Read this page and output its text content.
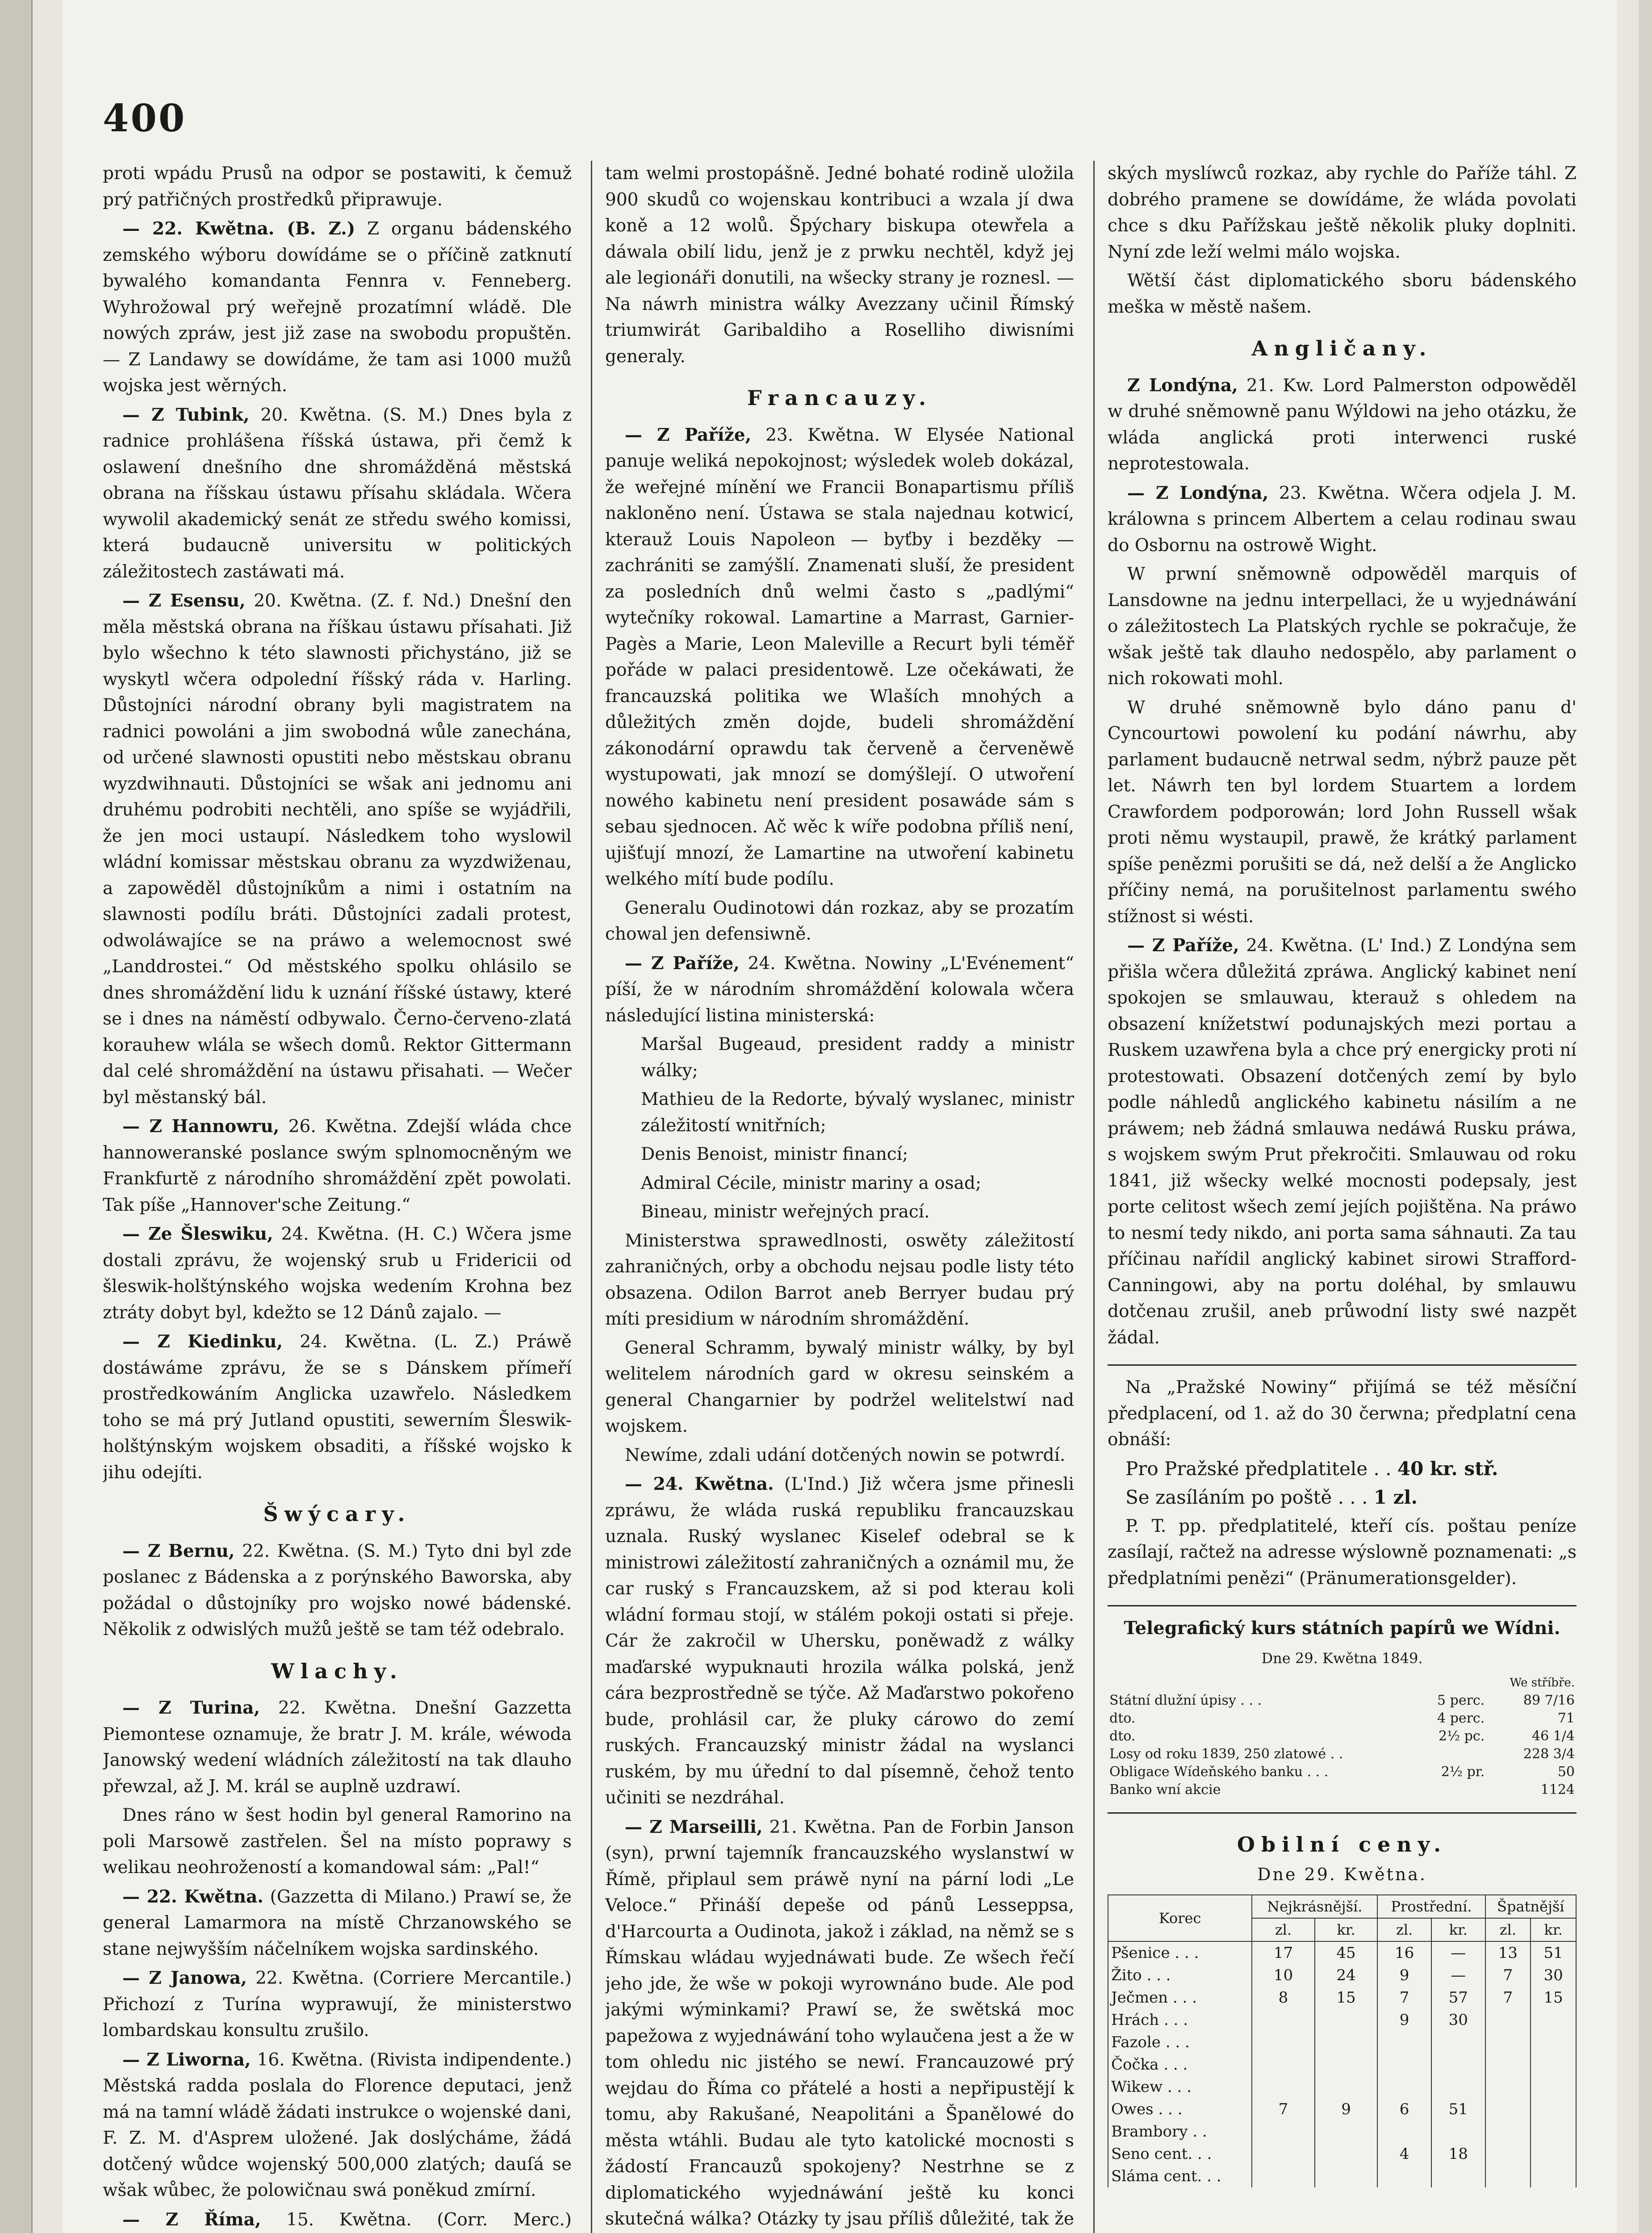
400

proti wpádu Prusů na odpor se postawiti, k čemuž prý patřičných prostředků připrawuje.

— 22. Kwětna. (B. Z.) Z organu bádenského zemského wýboru dowídáme se o příčině zatknutí bywalého komandanta Fennra v. Fenneberg. Wyhrožowal prý weřejně prozatímní wládě. Dle nowých zpráw, jest již zase na swobodu propuštěn. — Z Landawy se dowídáme, že tam asi 1000 mužů wojska jest wěrných.

— Z Tubink, 20. Kwětna. (S. M.) Dnes byla z radnice prohlášena říšská ústawa, při čemž k oslawení dnešního dne shromážděná městská obrana na říšskau ústawu přísahu skládala. Wčera wywolil akademický senát ze středu swého komissi, která budaucně universitu w politických záležitostech zastáwati má.

— Z Esensu, 20. Kwětna. (Z. f. Nd.) Dnešní den měla městská obrana na říškau ústawu přísahati. Již bylo wšechno k této slawnosti přichystáno, již se wyskytl wčera odpolední říšský ráda v. Harling. Důstojníci národní obrany byli magistratem na radnici powoláni a jim swobodná wůle zanechána, od určené slawnosti opustiti nebo městskau obranu wyzdwihnauti. Důstojníci se wšak ani jednomu ani druhému podrobiti nechtěli, ano spíše se wyjádřili, že jen moci ustaupí. Následkem toho wyslowil wládní komissar městskau obranu za wyzdwiženau, a zapowěděl důstojníkům a nimi i ostatním na slawnosti podílu bráti. Důstojníci zadali protest, odwoláwajíce se na práwo a welemocnost swé „Landdrostei.“ Od městského spolku ohlásilo se dnes shromáždění lidu k uznání říšské ústawy, které se i dnes na náměstí odbywalo. Černo-červeno-zlatá korauhew wlála se wšech domů. Rektor Gittermann dal celé shromáždění na ústawu přisahati. — Wečer byl městanský bál.

— Z Hannowru, 26. Kwětna. Zdejší wláda chce hannoweranské poslance swým splnomocněným we Frankfurtě z národního shromáždění zpět powolati. Tak píše „Hannover'sche Zeitung.“

— Ze Šleswiku, 24. Kwětna. (H. C.) Wčera jsme dostali zprávu, že wojenský srub u Fridericii od šleswik-holštýnského wojska wedením Krohna bez ztráty dobyt byl, kdežto se 12 Dánů zajalo. —

— Z Kiedinku, 24. Kwětna. (L. Z.) Práwě dostáwáme zprávu, že se s Dánskem přímeří prostředkowáním Anglicka uzawřelo. Následkem toho se má prý Jutland opustiti, sewerním Šleswik-holštýnským wojskem obsaditi, a říšské wojsko k jihu odejíti.

Šwýcary.

— Z Bernu, 22. Kwětna. (S. M.) Tyto dni byl zde poslanec z Bádenska a z porýnského Baworska, aby požádal o důstojníky pro wojsko nowé bádenské. Několik z odwislých mužů ještě se tam též odebralo.

Wlachy.

— Z Turina, 22. Kwětna. Dnešní Gazzetta Piemontese oznamuje, že bratr J. M. krále, wéwoda Janowský wedení wládních záležitostí na tak dlauho přewzal, až J. M. král se auplně uzdrawí.

Dnes ráno w šest hodin byl general Ramorino na poli Marsowě zastřelen. Šel na místo poprawy s welikau neohrožeností a komandowal sám: „Pal!“

— 22. Kwětna. (Gazzetta di Milano.) Prawí se, že general Lamarmora na místě Chrzanowského se stane nejwyšším náčelníkem wojska sardinského.

— Z Janowa, 22. Kwětna. (Corriere Mercantile.) Přichozí z Turína wyprawují, že ministerstwo lombardskau konsultu zrušilo.

— Z Liworna, 16. Kwětna. (Rivista indipendente.) Městská radda poslala do Florence deputaci, jenž má na tamní wládě žádati instrukce o wojenské dani, F. Z. M. d'Aspreм uložené. Jak doslýcháme, žádá dotčený wůdce wojenský 500,000 zlatých; dauſá se wšak wůbec, že polowičnau swá poněkud zmírní.

— Z Říma, 15. Kwětna. (Corr. Merc.)

tam welmi prostopášně. Jedné bohaté rodině uložila 900 skudů co wojenskau kontribuci a wzala jí dwa koně a 12 wolů. Špýchary biskupa otewřela a dáwala obilí lidu, jenž je z prwku nechtěl, když jej ale legionáři donutili, na wšecky strany je roznesl. — Na náwrh ministra wálky Avezzany učinil Římský triumwirát Garibaldiho a Roselliho diwisními generaly.

Francauzy.

— Z Paříže, 23. Kwětna. W Elysée National panuje weliká nepokojnost; wýsledek woleb dokázal, že weřejné mínění we Francii Bonapartismu příliš nakloněno není. Ústawa se stala najednau kotwicí, kterauž Louis Napoleon — byťby i bezděky — zachrániti se zamýšlí. Znamenati sluší, že president za posledních dnů welmi často s „padlými“ wytečníky rokowal. Lamartine a Marrast, Garnier-Pagès a Marie, Leon Malevillе a Recurt byli téměř pořáde w palaci presidentowě. Lze očekáwati, že francauzská politika we Wlaších mnohých a důležitých změn dojde, budeli shromáždění zákonodární oprawdu tak červeně a červeněwě wystupowati, jak mnozí se domýšlejí. O utwoření nowého kabinetu není president posawáde sám s sebau sjednocen. Ač wěc k wíře podobna příliš není, ujišťují mnozí, že Lamartine na utwoření kabinetu welkého mítí bude podílu.

Generalu Oudinotowi dán rozkaz, aby se prozatím chowal jen defensiwně.

— Z Paříže, 24. Kwětna. Nowiny „L'Evénement“ píší, že w národním shromáždění kolowala wčera následující listina ministerská:

Maršal Bugeaud, president raddy a ministr wálky;

Mathieu de la Redorte, bývalý wyslanec, ministr záležitostí wnitřních;

Denis Benoist, ministr financí;

Admiral Cécile, ministr mariny a osad;

Bineau, ministr weřejných prací.

Ministerstwa sprawedlnosti, oswěty záležitostí zahraničných, orby a obchodu nejsau podle listy této obsazena. Odilon Barrot aneb Berryer budau prý míti presidium w národním shromáždění.

General Schramm, bywalý ministr wálky, by byl welitelem národních gard w okresu seinském a general Changarnier by podržel welitelstwí nad wojskem.

Newíme, zdali udání dotčených nowin se potwrdí.

— 24. Kwětna. (L'Ind.) Již wčera jsme přinesli zpráwu, že wláda ruská republiku francauzskau uznala. Ruský wyslanec Kiselef odebral se k ministrowi záležitostí zahraničných a oznámil mu, že car ruský s Francauzskem, až si pod kterau koli wládní formau stojí, w stálém pokoji ostati si přeje. Cár že zakročil w Uhersku, poněwadž z wálky maďarské wypuknauti hrozila wálka polská, jenž cára bezprostředně se týče. Až Maďarstwo pokořeno bude, prohlásil car, že pluky cárowo do zemí ruských. Francauzský ministr žádal na wyslanci ruském, by mu úřední to dal písemně, čehož tento učiniti se nezdráhal.

— Z Marseilli, 21. Kwětna. Pan de Forbin Janson (syn), prwní tajemník francauzského wyslanstwí w Římě, připlaul sem práwě nyní na pární lodi „Le Veloce.“ Přináší depeše od pánů Lesseppsa, d'Harcourta a Oudinota, jakož i základ, na němž se s Římskau wládau wyjednáwati bude. Ze wšech řečí jeho jde, že wše w pokoji wyrownáno bude. Ale pod jakými wýminkami? Prawí se, že swětská moc papežowa z wyjednáwání toho wylaučena jest a že w tom ohledu nic jistého se newí. Francauzowé prý wejdau do Říma co přátelé a hosti a nepřipustějí k tomu, aby Rakušané, Neapolitáni a Španělowé do města wtáhli. Budau ale tyto katolické mocnosti s žádostí Francauzů spokojeny? Nestrhne se z diplomatického wyjednáwání ještě ku konci skutečná wálka? Otázky ty jsau příliš důležité, tak že

ských myslíwců rozkaz, aby rychle do Paříže táhl. Z dobrého pramene se dowídáme, že wláda povolati chce s dku Pařížskau ještě několik pluky doplniti. Nyní zde leží welmi málo wojska.

Wětší část diplomatického sboru bádenského meška w městě našem.

Angličany.

Z Londýna, 21. Kw. Lord Palmerston odpowěděl w druhé sněmowně panu Wýldowi na jeho otázku, že wláda anglická proti interwenci ruské neprotestowala.

— Z Londýna, 23. Kwětna. Wčera odjela J. M. králowna s princem Albertem a celau rodinau swau do Osbornu na ostrowě Wight.

W prwní sněmowně odpowěděl marquis of Lansdowne na jednu interpellaci, že u wyjednáwání o záležitostech La Platských rychle se pokračuje, že wšak ještě tak dlauho nedospělo, aby parlament o nich rokowati mohl.

W druhé sněmowně bylo dáno panu d' Cyncourtowi powolení ku podání náwrhu, aby parlament budaucně netrwal sedm, nýbrž pauze pět let. Náwrh ten byl lordem Stuartem a lordem Crawfordem podporowán; lord John Russell wšak proti němu wystaupil, prawě, že krátký parlament spíše penězmi porušiti se dá, než delší a že Anglicko příčiny nemá, na porušitelnost parlamentu swého stížnost si wésti.

— Z Paříže, 24. Kwětna. (L' Ind.) Z Londýna sem přišla wčera důležitá zpráwa. Anglický kabinet není spokojen se smlauwau, kterauž s ohledem na obsazení knížetstwí podunajských mezi portau a Ruskem uzawřena byla a chce prý energicky proti ní protestowati. Obsazení dotčených zemí by bylo podle náhledů anglického kabinetu násilím a ne práwem; neb žádná smlauwa nedáwá Rusku práwa, s wojskem swým Prut překročiti. Smlauwau od roku 1841, již wšecky welké mocnosti podepsaly, jest porte celitost wšech zemí jejích pojištěna. Na práwo to nesmí tedy nikdo, ani porta sama sáhnauti. Za tau příčinau nařídil anglický kabinet sirowi Strafford-Canningowi, aby na portu doléhal, by smlauwu dotčenau zrušil, aneb průwodní listy swé nazpět žádal.

Na „Pražské Nowiny“ přijímá se též měsíční předplacení, od 1. až do 30 čerwna; předplatní cena obnáší:

Pro Pražské předplatitele . . 40 kr. stř.

Se zasíláním po poště . . . 1 zl.

P. T. pp. předplatitelé, kteří cís. poštau peníze zasílají, račtež na adresse wýslowně poznamenati: „s předplatními penězi“ (Pränumerationsgelder).

Telegrafický kurs státních papírů we Wídni.
Dne 29. Kwětna 1849.
		We stříbře.
Státní dlužní úpisy . . .	5 perc.	89 7/16
dto.	4 perc.	71
dto.	2½ pc.	46 1/4
Losy od roku 1839, 250 zlatowé . .		228 3/4
Obligace Wídeňského banku . . .	2½ pr.	50
Banko wní akcie		1124
Obilní ceny.
Dne 29. Kwětna.
Korec	Nejkrásnější.		Prostřední.		Špatnější	
	zl.	kr.	zl.	kr.	zl.	kr.
Pšenice . . .	17	45	16	—	13	51
Žito . . .	10	24	9	—	7	30
Ječmen . . .	8	15	7	57	7	15
Hrách . . .			9	30		
Fazole . . .						
Čočka . . .						
Wikew . . .						
Owes . . .	7	9	6	51		
Brambory . .						
Seno cent. . .			4	18		
Sláma cent. . .						
